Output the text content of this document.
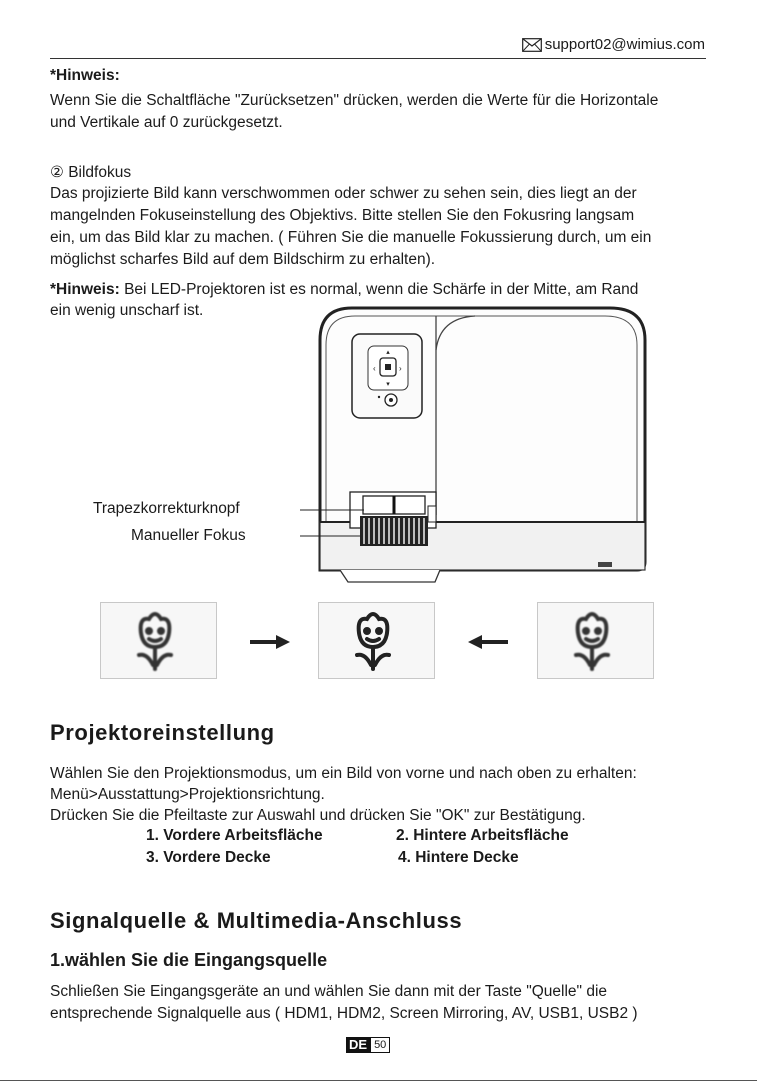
support02@wimius.com
*Hinweis:
Wenn Sie die Schaltfläche "Zurücksetzen" drücken, werden die Werte für die Horizontale
und Vertikale auf 0 zurückgesetzt.
② Bildfokus
Das projizierte Bild kann verschwommen oder schwer zu sehen sein, dies liegt an der
mangelnden Fokuseinstellung des Objektivs. Bitte stellen Sie den Fokusring langsam
ein, um das Bild klar zu machen. ( Führen Sie die manuelle Fokussierung durch, um ein
möglichst scharfes Bild auf dem Bildschirm zu erhalten).
*Hinweis: Bei LED-Projektoren ist es normal, wenn die Schärfe in der Mitte, am Rand
ein wenig unscharf ist.
▴
▾
‹	›
Trapezkorrekturknopf
Manueller Fokus
Projektoreinstellung
Wählen Sie den Projektionsmodus, um ein Bild von vorne und nach oben zu erhalten:
Menü>Ausstattung>Projektionsrichtung.
Drücken Sie die Pfeiltaste zur Auswahl und drücken Sie "OK" zur Bestätigung.
1. Vordere Arbeitsfläche	2. Hintere Arbeitsfläche
3. Vordere Decke	4. Hintere Decke
Signalquelle & Multimedia-Anschluss
1.wählen Sie die Eingangsquelle
Schließen Sie Eingangsgeräte an und wählen Sie dann mit der Taste "Quelle" die
entsprechende Signalquelle aus ( HDM1, HDM2, Screen Mirroring, AV, USB1, USB2 )
DE 50
